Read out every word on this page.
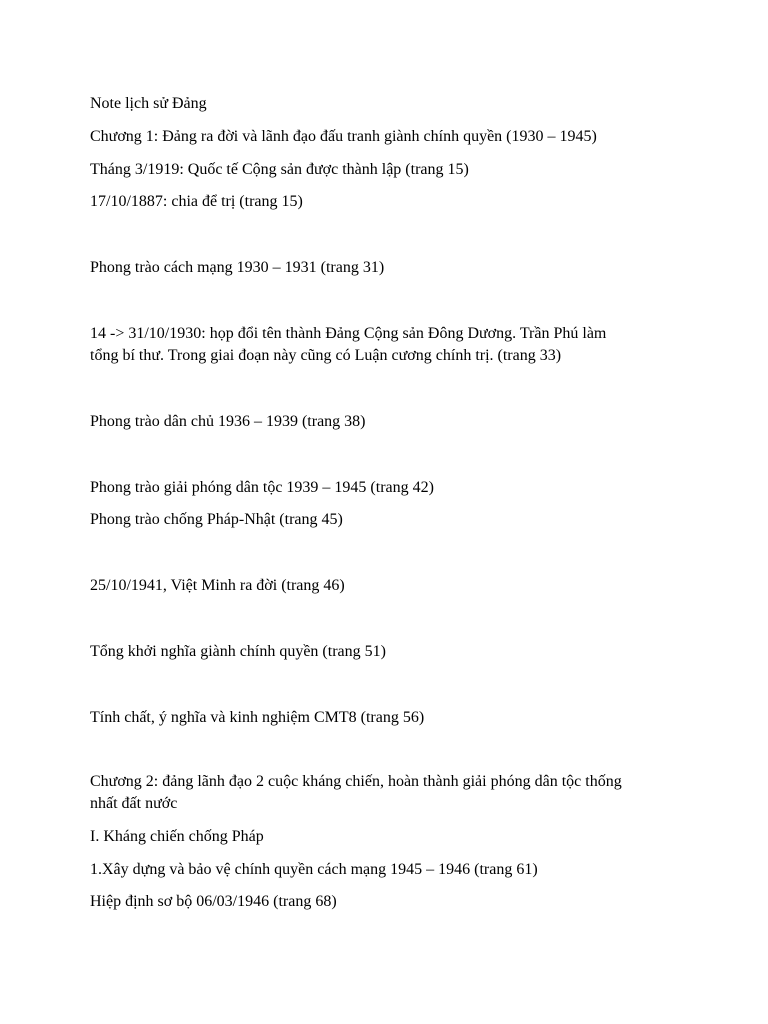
Note lịch sử Đảng
Chương 1: Đảng ra đời và lãnh đạo đấu tranh giành chính quyền (1930 – 1945)
Tháng 3/1919: Quốc tế Cộng sản được thành lập (trang 15)
17/10/1887: chia để trị (trang 15)
Phong trào cách mạng 1930 – 1931 (trang 31)
14 -> 31/10/1930: họp đổi tên thành Đảng Cộng sản Đông Dương. Trần Phú làm
tổng bí thư. Trong giai đoạn này cũng có Luận cương chính trị. (trang 33)
Phong trào dân chủ 1936 – 1939 (trang 38)
Phong trào giải phóng dân tộc 1939 – 1945 (trang 42)
Phong trào chống Pháp-Nhật (trang 45)
25/10/1941, Việt Minh ra đời (trang 46)
Tổng khởi nghĩa giành chính quyền (trang 51)
Tính chất, ý nghĩa và kinh nghiệm CMT8 (trang 56)
Chương 2: đảng lãnh đạo 2 cuộc kháng chiến, hoàn thành giải phóng dân tộc thống
nhất đất nước
I. Kháng chiến chống Pháp
1.Xây dựng và bảo vệ chính quyền cách mạng 1945 – 1946 (trang 61)
Hiệp định sơ bộ 06/03/1946 (trang 68)
